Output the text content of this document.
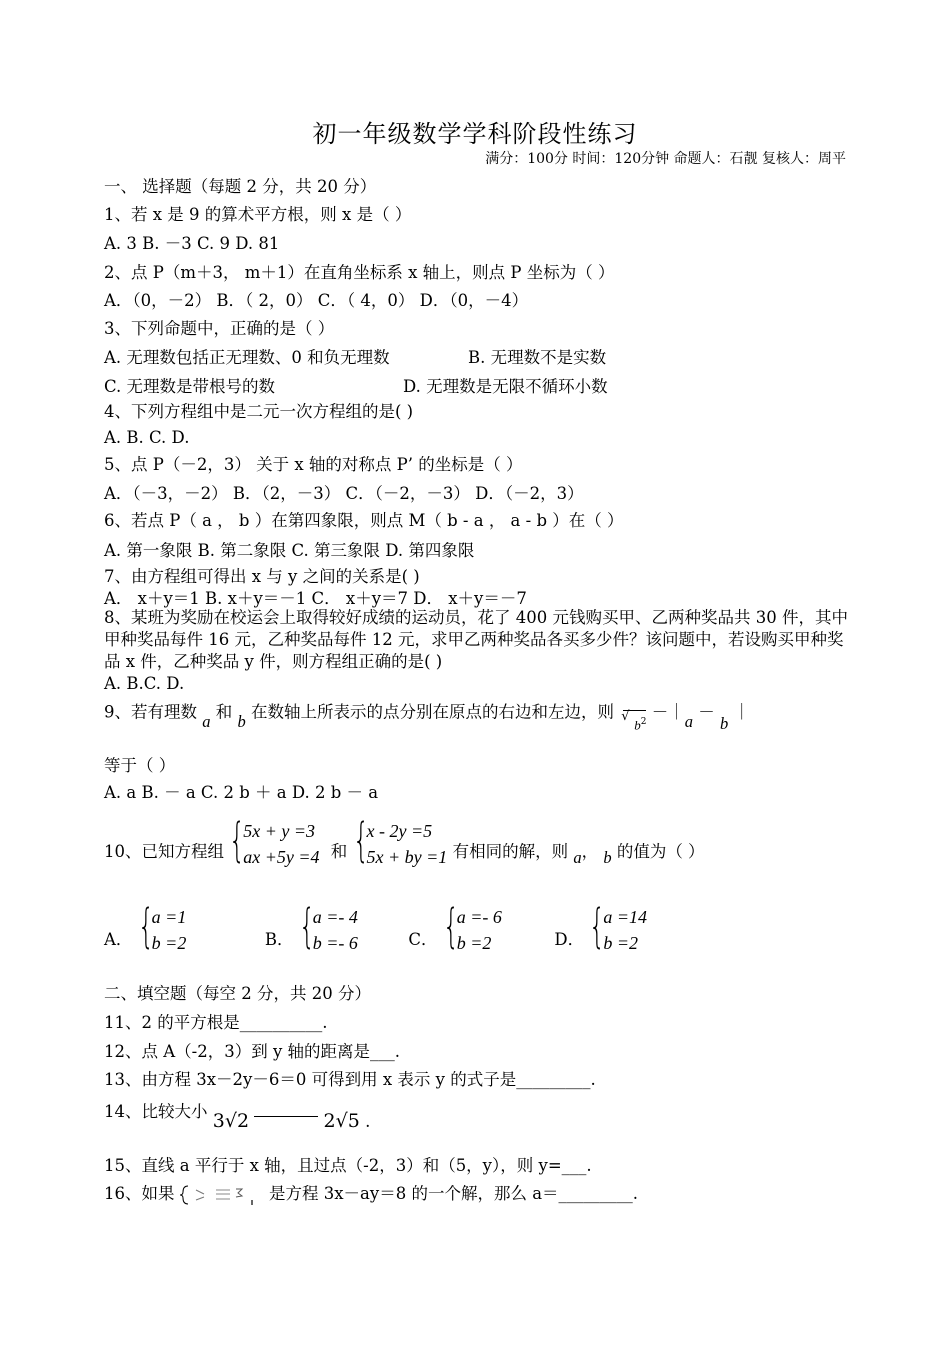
初一年级数学学科阶段性练习
满分：100分 时间：120分钟 命题人：石靓 复核人：周平
一、 选择题（每题 2 分，共 20 分）
1、若 x 是 9 的算术平方根，则 x 是（ ）
A. 3 B. －3 C. 9 D. 81
2、点 P（m＋3， m＋1）在直角坐标系 x 轴上，则点 P 坐标为（ ）
A．（0，－2） B．（ 2，0） C．（ 4，0） D．（0，－4）
3、下列命题中，正确的是（ ）
A. 无理数包括正无理数、0 和负无理数	B. 无理数不是实数
C. 无理数是带根号的数	D. 无理数是无限不循环小数
4、下列方程组中是二元一次方程组的是( )
A. B. C. D.
5、点 P（－2，3） 关于 x 轴的对称点 P’ 的坐标是（ ）
A．（－3，－2） B．（2，－3） C．（－2，－3） D．（－2，3）
6、若点 P（ a ， b ）在第四象限，则点 M（ b - a ， a - b ）在（ ）
A. 第一象限 B. 第二象限 C. 第三象限 D. 第四象限
7、由方程组可得出 x 与 y 之间的关系是( )
A． x＋y＝1 B. x＋y＝－1 C． x＋y＝7 D． x＋y＝－7
8、某班为奖励在校运会上取得较好成绩的运动员，花了 400 元钱购买甲、乙两种奖品共 30 件，其中甲种奖品每件 16 元，乙种奖品每件 12 元，求甲乙两种奖品各买多少件？该问题中，若设购买甲种奖品 x 件，乙种奖品 y 件，则方程组正确的是( )
A. B.C. D.
9、若有理数 a 和 b 在数轴上所表示的点分别在原点的右边和左边，则 √ $b^2$ －｜a － b ｜
等于（ ）
A. a B. － a C. 2 b ＋ a D. 2 b － a
10、已知方程组
{ 5x + y =3
ax +5y =4 和
{ x - 2y =5
5x + by =1 有相同的解，则 a， b 的值为（ ）
A．
{ a =1
b =2	B．
{ a =- 4
b =- 6	C．
{ a =- 6
b =2	D．
{ a =14
b =2
二、填空题（每空 2 分，共 20 分）
11、2 的平方根是__________.
12、点 A（-2，3）到 y 轴的距离是___.
13、由方程 3x－2y－6＝0 可得到用 x 表示 y 的式子是_________.
14、比较大小 3√2	2√5 .
15、直线 a 平行于 x 轴，且过点（-2，3）和（5，y），则 y=___.
16、如果	是方程 3x－ay＝8 的一个解，那么 a＝_________.
